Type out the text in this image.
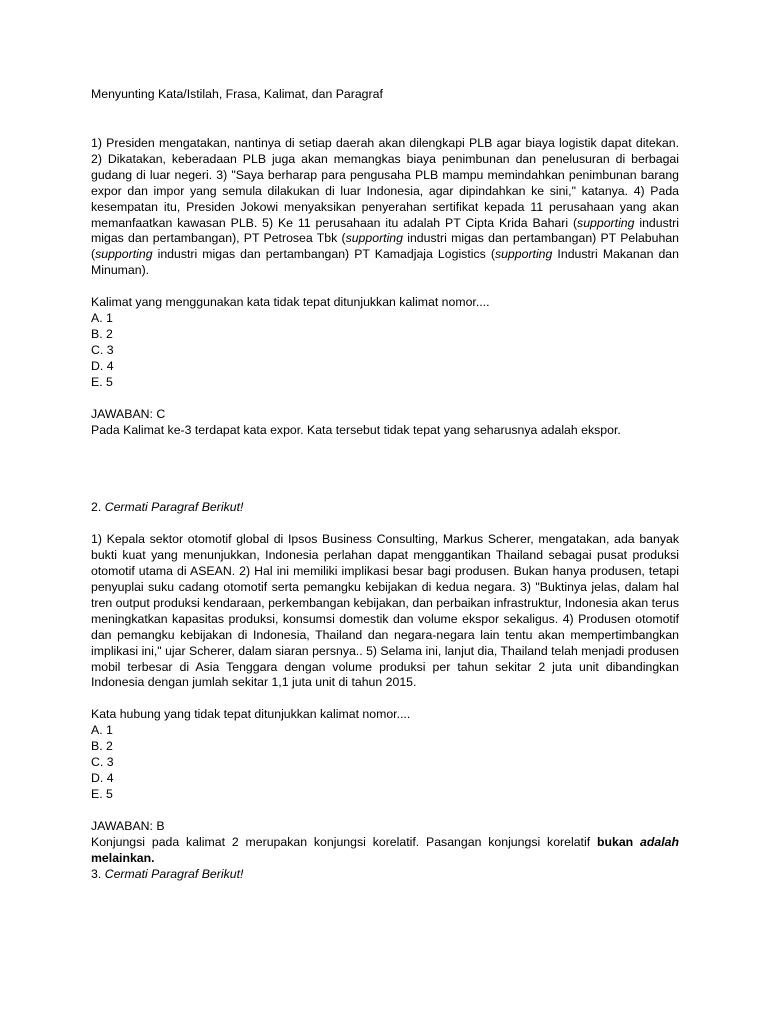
Menyunting Kata/Istilah, Frasa, Kalimat, dan Paragraf
1) Presiden mengatakan, nantinya di setiap daerah akan dilengkapi PLB agar biaya logistik dapat ditekan. 2) Dikatakan, keberadaan PLB juga akan memangkas biaya penimbunan dan penelusuran di berbagai gudang di luar negeri. 3) "Saya berharap para pengusaha PLB mampu memindahkan penimbunan barang expor dan impor yang semula dilakukan di luar Indonesia, agar dipindahkan ke sini," katanya. 4) Pada kesempatan itu, Presiden Jokowi menyaksikan penyerahan sertifikat kepada 11 perusahaan yang akan memanfaatkan kawasan PLB. 5) Ke 11 perusahaan itu adalah PT Cipta Krida Bahari (supporting industri migas dan pertambangan), PT Petrosea Tbk (supporting industri migas dan pertambangan) PT Pelabuhan (supporting industri migas dan pertambangan) PT Kamadjaja Logistics (supporting Industri Makanan dan Minuman).
Kalimat yang menggunakan kata tidak tepat ditunjukkan kalimat nomor....
A. 1
B. 2
C. 3
D. 4
E. 5
JAWABAN: C
Pada Kalimat ke-3 terdapat kata expor. Kata tersebut tidak tepat yang seharusnya adalah ekspor.
2. Cermati Paragraf Berikut!
1) Kepala sektor otomotif global di Ipsos Business Consulting, Markus Scherer, mengatakan, ada banyak bukti kuat yang menunjukkan, Indonesia perlahan dapat menggantikan Thailand sebagai pusat produksi otomotif utama di ASEAN. 2) Hal ini memiliki implikasi besar bagi produsen. Bukan hanya produsen, tetapi penyuplai suku cadang otomotif serta pemangku kebijakan di kedua negara. 3) "Buktinya jelas, dalam hal tren output produksi kendaraan, perkembangan kebijakan, dan perbaikan infrastruktur, Indonesia akan terus meningkatkan kapasitas produksi, konsumsi domestik dan volume ekspor sekaligus. 4) Produsen otomotif dan pemangku kebijakan di Indonesia, Thailand dan negara-negara lain tentu akan mempertimbangkan implikasi ini," ujar Scherer, dalam siaran persnya.. 5) Selama ini, lanjut dia, Thailand telah menjadi produsen mobil terbesar di Asia Tenggara dengan volume produksi per tahun sekitar 2 juta unit dibandingkan Indonesia dengan jumlah sekitar 1,1 juta unit di tahun 2015.
Kata hubung yang tidak tepat ditunjukkan kalimat nomor....
A. 1
B. 2
C. 3
D. 4
E. 5
JAWABAN: B
Konjungsi pada kalimat 2 merupakan konjungsi korelatif. Pasangan konjungsi korelatif bukan adalah melainkan.
3. Cermati Paragraf Berikut!
